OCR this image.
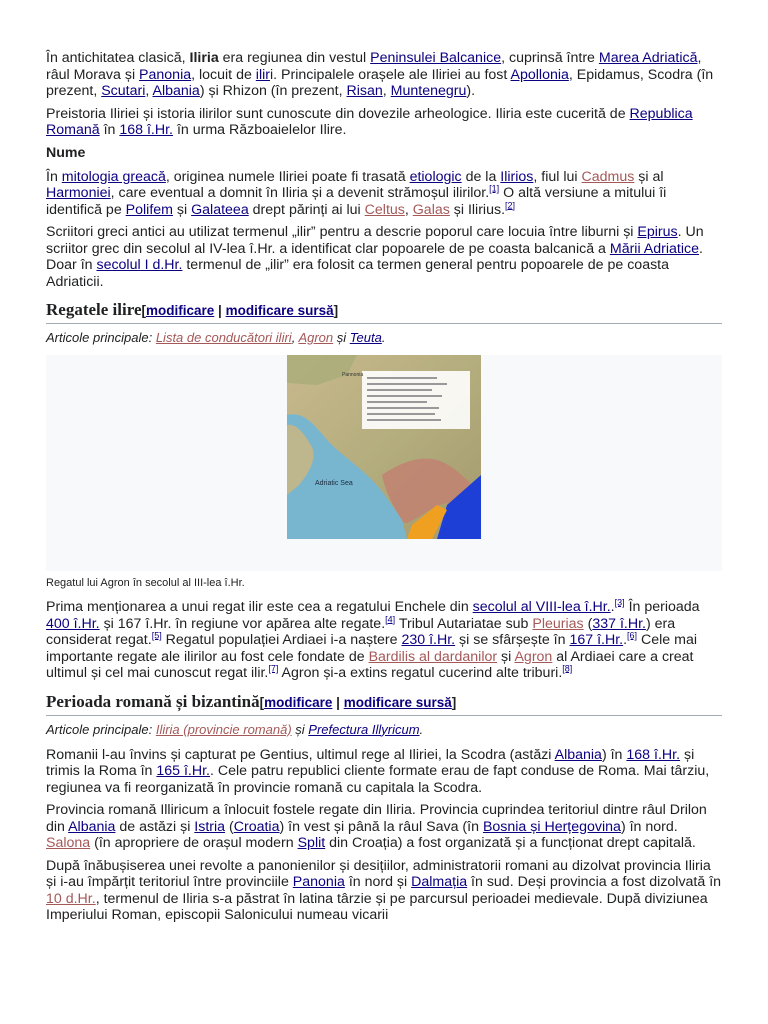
În antichitatea clasică, Iliria era regiunea din vestul Peninsulei Balcanice, cuprinsă între Marea Adriatică, râul Morava și Panonia, locuit de iliri. Principalele orașele ale Iliriei au fost Apollonia, Epidamus, Scodra (în prezent, Scutari, Albania) și Rhizon (în prezent, Risan, Muntenegru).

Preistoria Iliriei și istoria ilirilor sunt cunoscute din dovezile arheologice. Iliria este cucerită de Republica Romană în 168 î.Hr. în urma Războaielelor Ilire.

Nume

În mitologia greacă, originea numele Iliriei poate fi trasată etiologic de la Ilirios, fiul lui Cadmus și al Harmoniei, care eventual a domnit în Iliria și a devenit strămoșul ilirilor.[1] O altă versiune a mitului îi identifică pe Polifem și Galateea drept părinți ai lui Celtus, Galas și Ilirius.[2]

Scriitori greci antici au utilizat termenul „ilir” pentru a descrie poporul care locuia între liburni și Epirus. Un scriitor grec din secolul al IV-lea î.Hr. a identificat clar popoarele de pe coasta balcanică a Mării Adriatice. Doar în secolul I d.Hr. termenul de „ilir” era folosit ca termen general pentru popoarele de pe coasta Adriaticii.

Regatele ilire[modificare | modificare sursă]
Articole principale: Lista de conducători iliri, Agron și Teuta.
Adriatic Sea
Pannonia
Regatul lui Agron în secolul al III-lea î.Hr.

Prima menționarea a unui regat ilir este cea a regatului Enchele din secolul al VIII-lea î.Hr..[3] În perioada 400 î.Hr. și 167 î.Hr. în regiune vor apărea alte regate.[4] Tribul Autariatae sub Pleurias (337 î.Hr.) era considerat regat.[5] Regatul populației Ardiaei i-a naștere 230 î.Hr. și se sfârșește în 167 î.Hr..[6] Cele mai importante regate ale ilirilor au fost cele fondate de Bardilis al dardanilor și Agron al Ardiaei care a creat ultimul și cel mai cunoscut regat ilir.[7] Agron și-a extins regatul cucerind alte triburi.[8]

Perioada romană și bizantină[modificare | modificare sursă]
Articole principale: Iliria (provincie romană) și Prefectura Illyricum.

Romanii l-au învins și capturat pe Gentius, ultimul rege al Iliriei, la Scodra (astăzi Albania) în 168 î.Hr. și trimis la Roma în 165 î.Hr.. Cele patru republici cliente formate erau de fapt conduse de Roma. Mai târziu, regiunea va fi reorganizată în provincie romană cu capitala la Scodra.

Provincia romană Illiricum a înlocuit fostele regate din Iliria. Provincia cuprindea teritoriul dintre râul Drilon din Albania de astăzi și Istria (Croatia) în vest și până la râul Sava (în Bosnia și Herțegovina) în nord. Salona (în apropriere de orașul modern Split din Croația) a fost organizată și a funcționat drept capitală.

După înăbușiserea unei revolte a panonienilor și desițiilor, administratorii romani au dizolvat provincia Iliria și i-au împărțit teritoriul între provinciile Panonia în nord și Dalmația în sud. Deși provincia a fost dizolvată în 10 d.Hr., termenul de Iliria s-a păstrat în latina târzie și pe parcursul perioadei medievale. După diviziunea Imperiului Roman, episcopii Salonicului numeau vicarii
